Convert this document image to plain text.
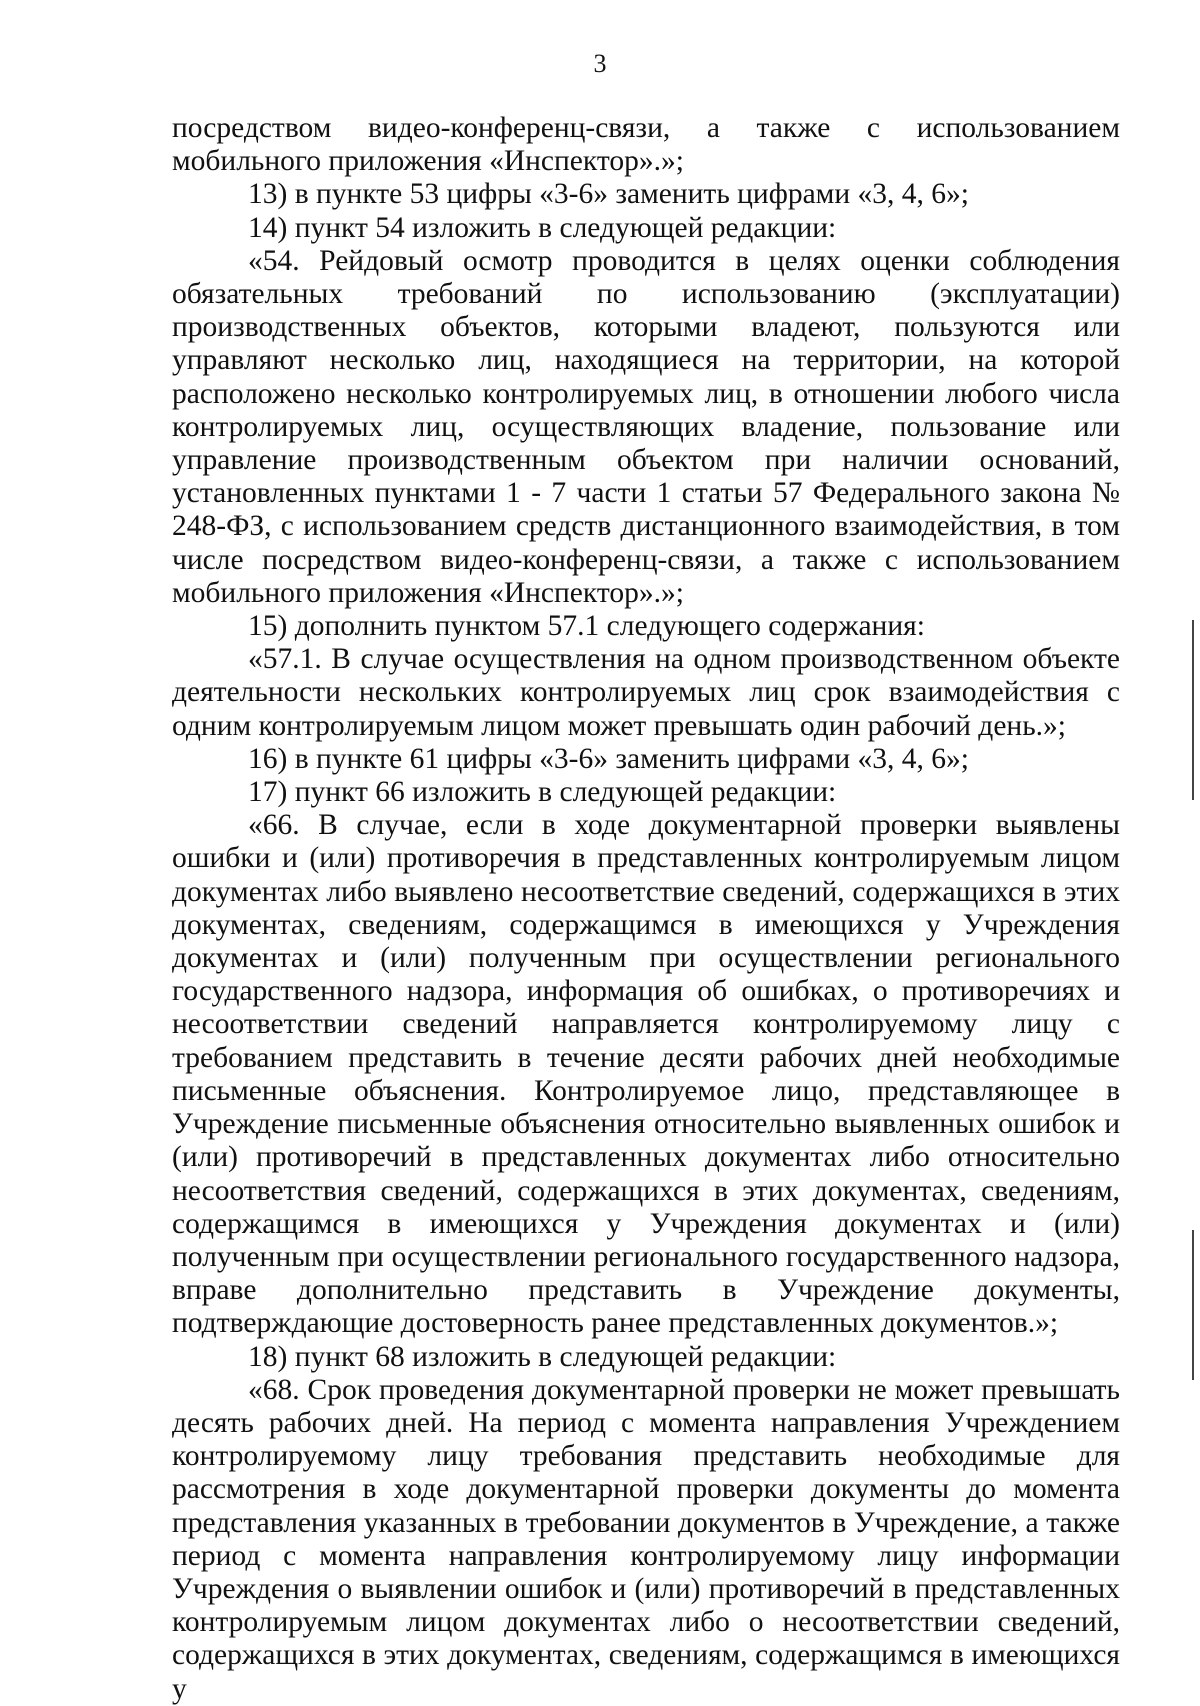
3

посредством видео-конференц-связи, а также с использованием мобильного приложения «Инспектор».»;

13) в пункте 53 цифры «3-6» заменить цифрами «3, 4, 6»;

14) пункт 54 изложить в следующей редакции:

«54. Рейдовый осмотр проводится в целях оценки соблюдения обязательных требований по использованию (эксплуатации) производственных объектов, которыми владеют, пользуются или управляют несколько лиц, находящиеся на территории, на которой расположено несколько контролируемых лиц, в отношении любого числа контролируемых лиц, осуществляющих владение, пользование или управление производственным объектом при наличии оснований, установленных пунктами 1 - 7 части 1 статьи 57 Федерального закона № 248-ФЗ, с использованием средств дистанционного взаимодействия, в том числе посредством видео-конференц-связи, а также с использованием мобильного приложения «Инспектор».»;

15) дополнить пунктом 57.1 следующего содержания:

«57.1. В случае осуществления на одном производственном объекте деятельности нескольких контролируемых лиц срок взаимодействия с одним контролируемым лицом может превышать один рабочий день.»;

16) в пункте 61 цифры «3-6» заменить цифрами «3, 4, 6»;

17) пункт 66 изложить в следующей редакции:

«66. В случае, если в ходе документарной проверки выявлены ошибки и (или) противоречия в представленных контролируемым лицом документах либо выявлено несоответствие сведений, содержащихся в этих документах, сведениям, содержащимся в имеющихся у Учреждения документах и (или) полученным при осуществлении регионального государственного надзора, информация об ошибках, о противоречиях и несоответствии сведений направляется контролируемому лицу с требованием представить в течение десяти рабочих дней необходимые письменные объяснения. Контролируемое лицо, представляющее в Учреждение письменные объяснения относительно выявленных ошибок и (или) противоречий в представленных документах либо относительно несоответствия сведений, содержащихся в этих документах, сведениям, содержащимся в имеющихся у Учреждения документах и (или) полученным при осуществлении регионального государственного надзора, вправе дополнительно представить в Учреждение документы, подтверждающие достоверность ранее представленных документов.»;

18) пункт 68 изложить в следующей редакции:

«68. Срок проведения документарной проверки не может превышать десять рабочих дней. На период с момента направления Учреждением контролируемому лицу требования представить необходимые для рассмотрения в ходе документарной проверки документы до момента представления указанных в требовании документов в Учреждение, а также период с момента направления контролируемому лицу информации Учреждения о выявлении ошибок и (или) противоречий в представленных контролируемым лицом документах либо о несоответствии сведений, содержащихся в этих документах, сведениям, содержащимся в имеющихся у
